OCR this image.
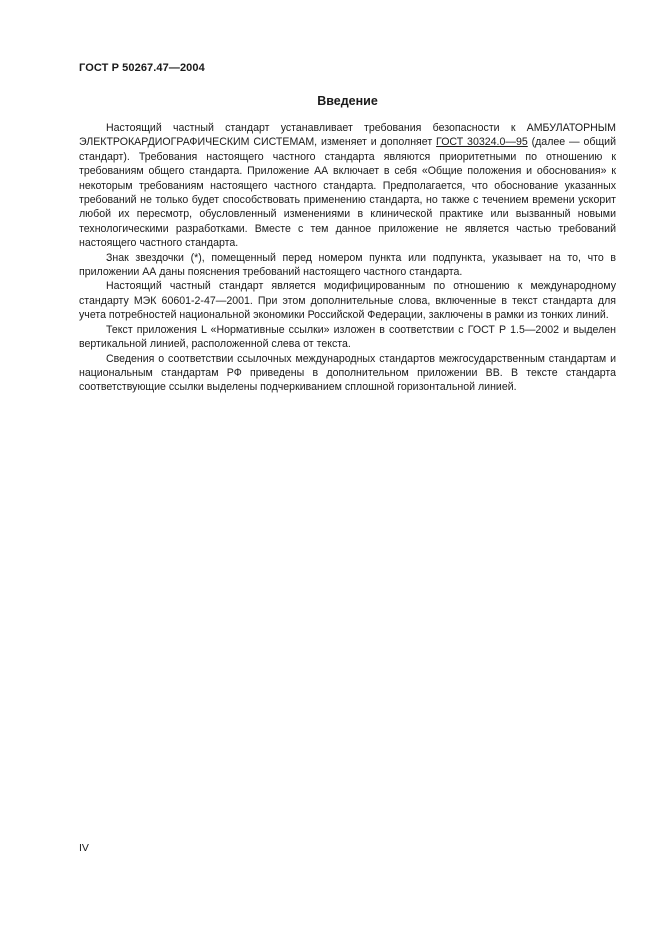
ГОСТ Р 50267.47—2004
Введение

Настоящий частный стандарт устанавливает требования безопасности к АМБУЛАТОРНЫМ ЭЛЕКТРОКАРДИОГРАФИЧЕСКИМ СИСТЕМАМ, изменяет и дополняет ГОСТ 30324.0—95 (далее — общий стандарт). Требования настоящего частного стандарта являются приоритетными по отношению к требованиям общего стандарта. Приложение АА включает в себя «Общие положения и обоснования» к некоторым требованиям настоящего частного стандарта. Предполагается, что обоснование указанных требований не только будет способствовать применению стандарта, но также с течением времени ускорит любой их пересмотр, обусловленный изменениями в клинической практике или вызванный новыми технологическими разработками. Вместе с тем данное приложение не является частью требований настоящего частного стандарта.

Знак звездочки (*), помещенный перед номером пункта или подпункта, указывает на то, что в приложении АА даны пояснения требований настоящего частного стандарта.

Настоящий частный стандарт является модифицированным по отношению к международному стандарту МЭК 60601-2-47—2001. При этом дополнительные слова, включенные в текст стандарта для учета потребностей национальной экономики Российской Федерации, заключены в рамки из тонких линий.

Текст приложения L «Нормативные ссылки» изложен в соответствии с ГОСТ Р 1.5—2002 и выделен вертикальной линией, расположенной слева от текста.

Сведения о соответствии ссылочных международных стандартов межгосударственным стандартам и национальным стандартам РФ приведены в дополнительном приложении ВВ. В тексте стандарта соответствующие ссылки выделены подчеркиванием сплошной горизонтальной линией.

IV
